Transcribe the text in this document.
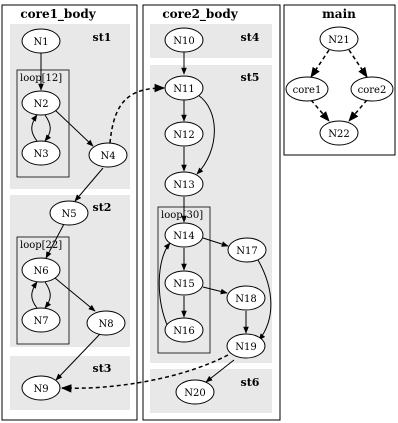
core1_body	core2_body	main
st1
st2
st3
st4
st5
st6
loop[12]
loop[22]
loop[30]
N1
N2
N3	N4
N5
N6
N7	N8
N9
N10
N11
N12
N13
N14
N15
N16
N17
N18
N19
N20
N21
core1	core2
N22
